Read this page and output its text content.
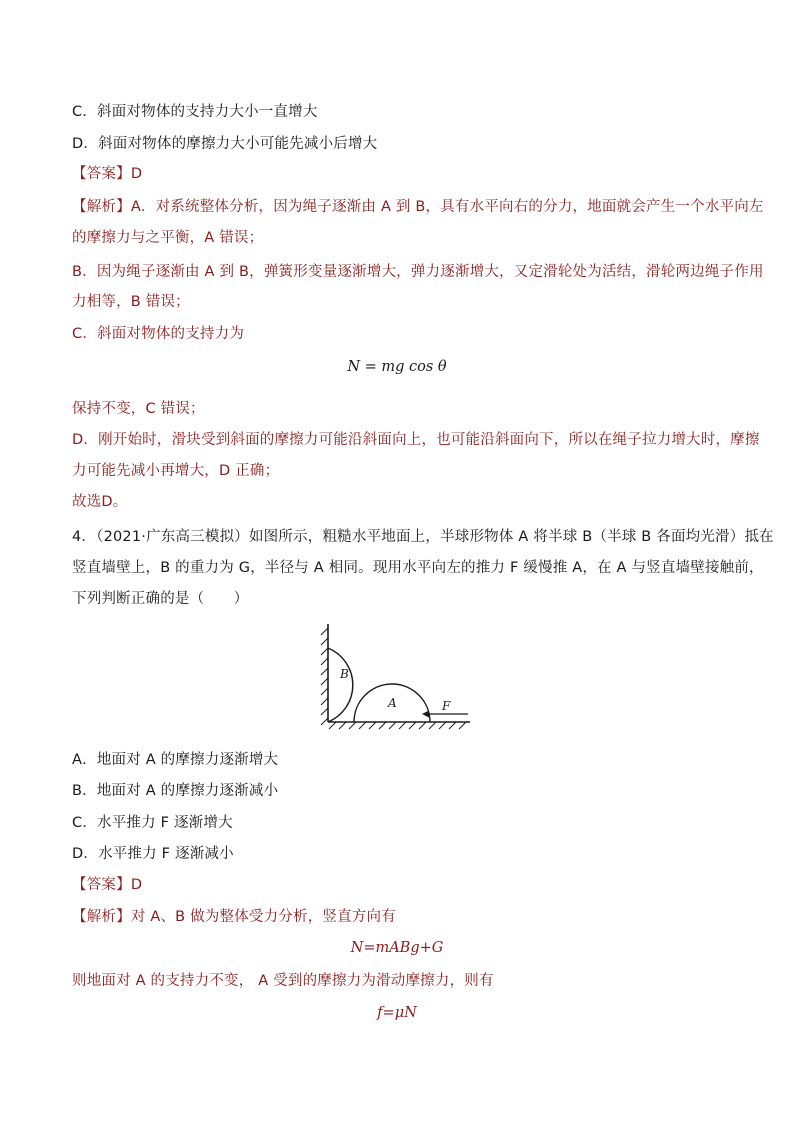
C．斜面对物体的支持力大小一直增大
D．斜面对物体的摩擦力大小可能先减小后增大
【答案】D
【解析】A．对系统整体分析，因为绳子逐渐由 A 到 B，具有水平向右的分力，地面就会产生一个水平向左
的摩擦力与之平衡，A 错误；
B．因为绳子逐渐由 A 到 B，弹簧形变量逐渐增大，弹力逐渐增大，又定滑轮处为活结，滑轮两边绳子作用
力相等，B 错误；
C．斜面对物体的支持力为
N = mg cos θ
保持不变，C 错误；
D．刚开始时，滑块受到斜面的摩擦力可能沿斜面向上，也可能沿斜面向下，所以在绳子拉力增大时，摩擦
力可能先减小再增大，D 正确；
故选D。
4．（2021·广东高三模拟）如图所示，粗糙水平地面上，半球形物体 A 将半球 B（半球 B 各面均光滑）抵在
竖直墙壁上，B 的重力为 G，半径与 A 相同。现用水平向左的推力 F 缓慢推 A，在 A 与竖直墙壁接触前，
下列判断正确的是（　　）
B
A	F
A．地面对 A 的摩擦力逐渐增大
B．地面对 A 的摩擦力逐渐减小
C．水平推力 F 逐渐增大
D．水平推力 F 逐渐减小
【答案】D
【解析】对 A、B 做为整体受力分析，竖直方向有
N=mABg+G
则地面对 A 的支持力不变， A 受到的摩擦力为滑动摩擦力，则有
f=μN
